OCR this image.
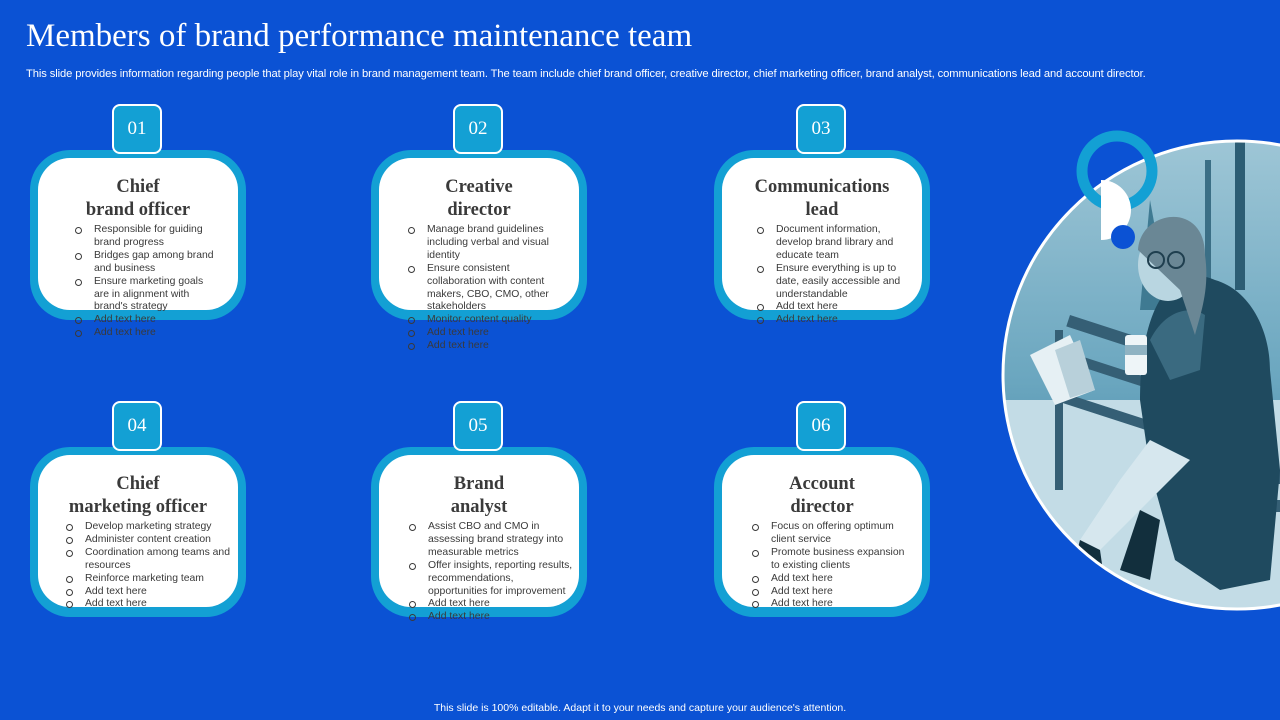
Members of brand performance maintenance team
This slide provides information regarding people that play vital role in brand management team. The team include chief brand officer, creative director, chief marketing officer, brand analyst, communications lead and account director.
01
Chief
brand officer
Responsible for guiding brand progress
Bridges gap among brand and business
Ensure marketing goals are in alignment with brand's strategy
Add text here
Add text here
02
Creative
director
Manage brand guidelines including verbal and visual identity
Ensure consistent collaboration with content makers, CBO, CMO, other stakeholders
Monitor content quality
Add text here
Add text here
03
Communications
lead
Document information, develop brand library and educate team
Ensure everything is up to date, easily accessible and understandable
Add text here
Add text here
04
Chief
marketing officer
Develop marketing strategy
Administer content creation
Coordination among teams and resources
Reinforce marketing team
Add text here
Add text here
05
Brand
analyst
Assist CBO and CMO in assessing brand strategy into measurable metrics
Offer insights, reporting results, recommendations, opportunities for improvement
Add text here
Add text here
06
Account
director
Focus on offering optimum client service
Promote business expansion to existing clients
Add text here
Add text here
Add text here
This slide is 100% editable. Adapt it to your needs and capture your audience's attention.
